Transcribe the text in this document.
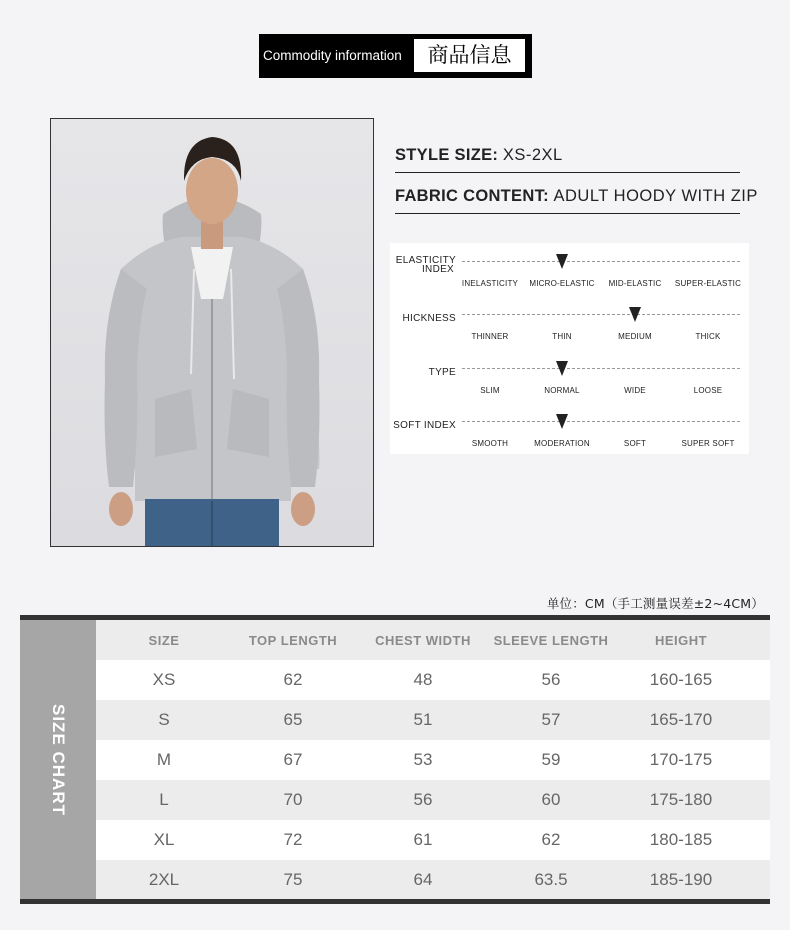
Commodity information	商品信息
STYLE SIZE: XS-2XL
FABRIC CONTENT: ADULT HOODY WITH ZIP
ELASTICITY
INDEX
INELASTICITY	MICRO-ELASTIC	MID-ELASTIC	SUPER-ELASTIC
HICKNESS
THINNER	THIN	MEDIUM	THICK
TYPE
SLIM	NORMAL	WIDE	LOOSE
SOFT INDEX
SMOOTH	MODERATION	SOFT	SUPER SOFT
单位：CM（手工测量误差±2~4CM）
SIZE CHART
SIZE	TOP LENGTH	CHEST WIDTH	SLEEVE LENGTH	HEIGHT
XS	62	48	56	160-165
S	65	51	57	165-170
M	67	53	59	170-175
L	70	56	60	175-180
XL	72	61	62	180-185
2XL	75	64	63.5	185-190
